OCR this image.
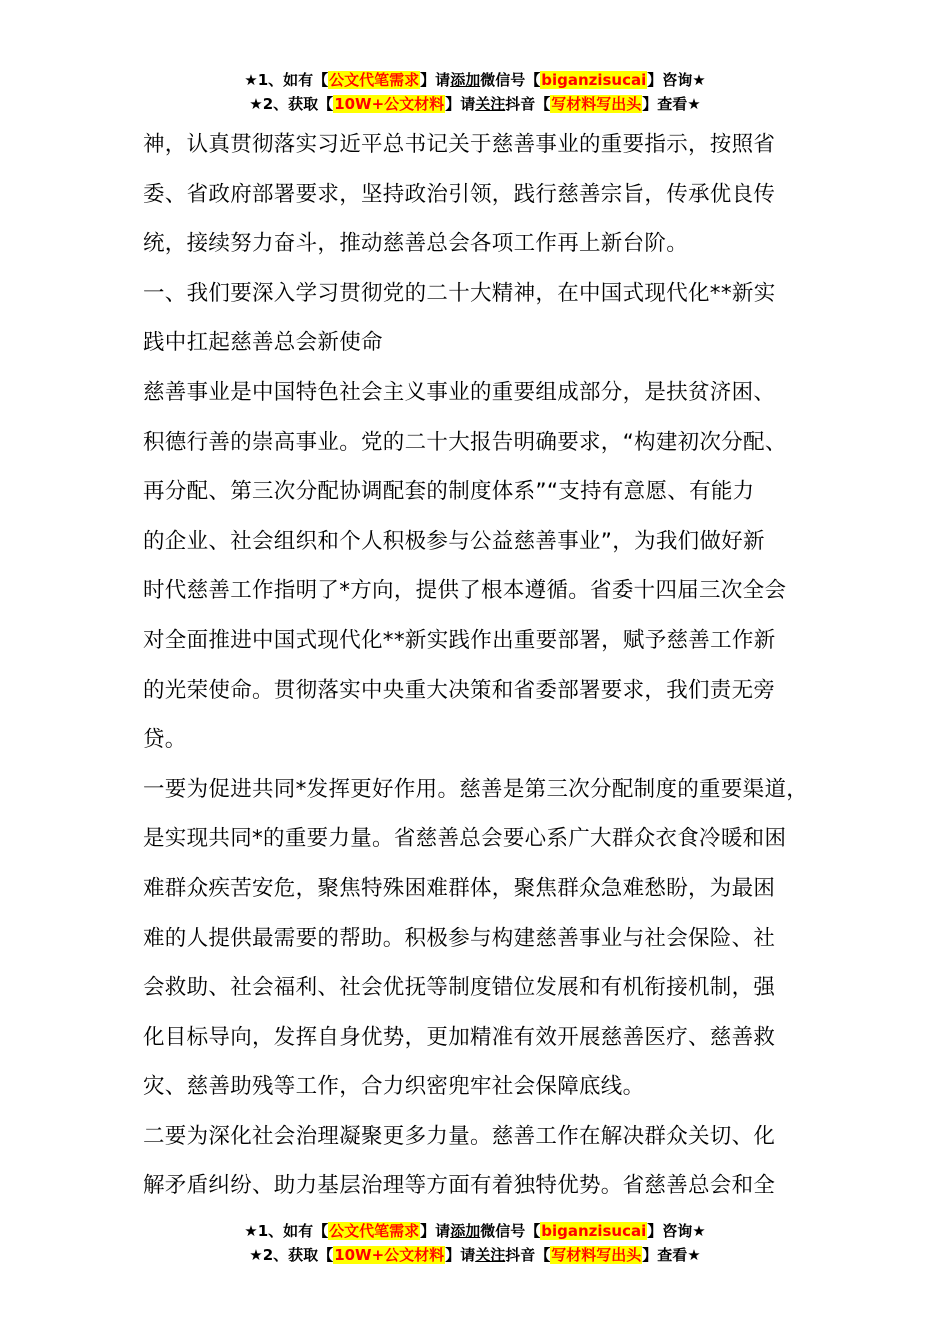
★1、如有【公文代笔需求】请添加微信号【biganzisucai】咨询★
★2、获取【10W+公文材料】请关注抖音【写材料写出头】查看★
神，认真贯彻落实习近平总书记关于慈善事业的重要指示，按照省
委、省政府部署要求，坚持政治引领，践行慈善宗旨，传承优良传
统，接续努力奋斗，推动慈善总会各项工作再上新台阶。
一、我们要深入学习贯彻党的二十大精神，在中国式现代化**新实
践中扛起慈善总会新使命
慈善事业是中国特色社会主义事业的重要组成部分，是扶贫济困、
积德行善的崇高事业。党的二十大报告明确要求，“构建初次分配、
再分配、第三次分配协调配套的制度体系”“支持有意愿、有能力
的企业、社会组织和个人积极参与公益慈善事业”，为我们做好新
时代慈善工作指明了*方向，提供了根本遵循。省委十四届三次全会
对全面推进中国式现代化**新实践作出重要部署，赋予慈善工作新
的光荣使命。贯彻落实中央重大决策和省委部署要求，我们责无旁
贷。
一要为促进共同*发挥更好作用。慈善是第三次分配制度的重要渠道，
是实现共同*的重要力量。省慈善总会要心系广大群众衣食冷暖和困
难群众疾苦安危，聚焦特殊困难群体，聚焦群众急难愁盼，为最困
难的人提供最需要的帮助。积极参与构建慈善事业与社会保险、社
会救助、社会福利、社会优抚等制度错位发展和有机衔接机制，强
化目标导向，发挥自身优势，更加精准有效开展慈善医疗、慈善救
灾、慈善助残等工作，合力织密兜牢社会保障底线。
二要为深化社会治理凝聚更多力量。慈善工作在解决群众关切、化
解矛盾纠纷、助力基层治理等方面有着独特优势。省慈善总会和全
★1、如有【公文代笔需求】请添加微信号【biganzisucai】咨询★
★2、获取【10W+公文材料】请关注抖音【写材料写出头】查看★
